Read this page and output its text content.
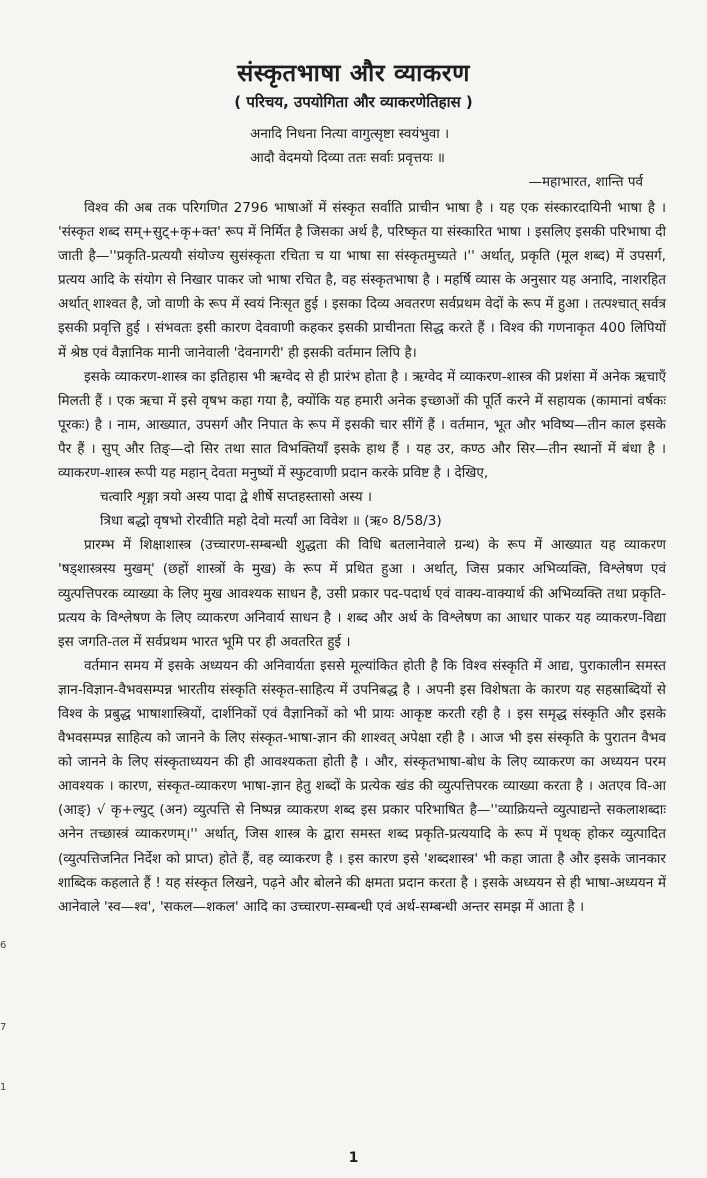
संस्कृतभाषा और व्याकरण
( परिचय, उपयोगिता और व्याकरणेतिहास )
अनादि निधना नित्या वागुत्सृष्टा स्वयंभुवा ।
आदौ वेदमयो दिव्या ततः सर्वाः प्रवृत्तयः ॥
—महाभारत, शान्ति पर्व

विश्व की अब तक परिगणित 2796 भाषाओं में संस्कृत सर्वाति प्राचीन भाषा है । यह एक संस्कारदायिनी भाषा है । 'संस्कृत शब्द सम्‌+सुट्‌+कृ+क्त' रूप में निर्मित है जिसका अर्थ है, परिष्कृत या संस्कारित भाषा । इसलिए इसकी परिभाषा दी जाती है—''प्रकृति-प्रत्ययौ संयोज्य सुसंस्कृता रचिता च या भाषा सा संस्कृतमुच्यते ।'' अर्थात्, प्रकृति (मूल शब्द) में उपसर्ग, प्रत्यय आदि के संयोग से निखार पाकर जो भाषा रचित है, वह संस्कृतभाषा है । महर्षि व्यास के अनुसार यह अनादि, नाशरहित अर्थात् शाश्वत है, जो वाणी के रूप में स्वयं निःसृत हुई । इसका दिव्य अवतरण सर्वप्रथम वेदों के रूप में हुआ । तत्पश्चात् सर्वत्र इसकी प्रवृत्ति हुई । संभवतः इसी कारण देववाणी कहकर इसकी प्राचीनता सिद्ध करते हैं । विश्व की गणनाकृत 400 लिपियों में श्रेष्ठ एवं वैज्ञानिक मानी जानेवाली 'देवनागरी' ही इसकी वर्तमान लिपि है।

इसके व्याकरण-शास्त्र का इतिहास भी ऋग्वेद से ही प्रारंभ होता है । ऋग्वेद में व्याकरण-शास्त्र की प्रशंसा में अनेक ऋचाएँ मिलती हैं । एक ऋचा में इसे वृषभ कहा गया है, क्योंकि यह हमारी अनेक इच्छाओं की पूर्ति करने में सहायक (कामानां वर्षकः पूरकः) है । नाम, आख्यात, उपसर्ग और निपात के रूप में इसकी चार सींगें हैं । वर्तमान, भूत और भविष्य—तीन काल इसके पैर हैं । सुप्‌ और तिङ्‌—दो सिर तथा सात विभक्तियाँ इसके हाथ हैं । यह उर, कण्ठ और सिर—तीन स्थानों में बंधा है । व्याकरण-शास्त्र रूपी यह महान्‌ देवता मनुष्यों में स्फुटवाणी प्रदान करके प्रविष्ट है । देखिए,

चत्वारि शृङ्गा त्रयो अस्य पादा द्वे शीर्षे सप्तहस्तासो अस्य ।

त्रिधा बद्धो वृषभो रोरवीति महो देवो मर्त्यां आ विवेश ॥ (ऋ० 8/58/3)

प्रारम्भ में शिक्षाशास्त्र (उच्चारण-सम्बन्धी शुद्धता की विधि बतलानेवाले ग्रन्थ) के रूप में आख्यात यह व्याकरण 'षड्‌शास्त्रस्य मुखम्‌' (छहों शास्त्रों के मुख) के रूप में प्रथित हुआ । अर्थात्, जिस प्रकार अभिव्यक्ति, विश्लेषण एवं व्युत्पत्तिपरक व्याख्या के लिए मुख आवश्यक साधन है, उसी प्रकार पद-पदार्थ एवं वाक्य-वाक्यार्थ की अभिव्यक्ति तथा प्रकृति-प्रत्यय के विश्लेषण के लिए व्याकरण अनिवार्य साधन है । शब्द और अर्थ के विश्लेषण का आधार पाकर यह व्याकरण-विद्या इस जगति-तल में सर्वप्रथम भारत भूमि पर ही अवतरित हुई ।

वर्तमान समय में इसके अध्ययन की अनिवार्यता इससे मूल्यांकित होती है कि विश्व संस्कृति में आद्य, पुराकालीन समस्त ज्ञान-विज्ञान-वैभवसम्पन्न भारतीय संस्कृति संस्कृत-साहित्य में उपनिबद्ध है । अपनी इस विशेषता के कारण यह सहस्राब्दियों से विश्व के प्रबुद्ध भाषाशास्त्रियों, दार्शनिकों एवं वैज्ञानिकों को भी प्रायः आकृष्ट करती रही है । इस समृद्ध संस्कृति और इसके वैभवसम्पन्न साहित्य को जानने के लिए संस्कृत-भाषा-ज्ञान की शाश्वत्‌ अपेक्षा रही है । आज भी इस संस्कृति के पुरातन वैभव को जानने के लिए संस्कृताध्ययन की ही आवश्यकता होती है । और, संस्कृतभाषा-बोध के लिए व्याकरण का अध्ययन परम आवश्यक । कारण, संस्कृत-व्याकरण भाषा-ज्ञान हेतु शब्दों के प्रत्येक खंड की व्युत्पत्तिपरक व्याख्या करता है । अतएव वि-आ (आङ्‌) √ कृ+ल्युट्‌ (अन) व्युत्पत्ति से निष्पन्न व्याकरण शब्द इस प्रकार परिभाषित है—''व्याक्रियन्ते व्युत्पाद्यन्ते सकलाशब्दाः अनेन तच्छास्त्रं व्याकरणम्‌।'' अर्थात्, जिस शास्त्र के द्वारा समस्त शब्द प्रकृति-प्रत्ययादि के रूप में पृथक्‌ होकर व्युत्पादित (व्युत्पत्तिजनित निर्देश को प्राप्त) होते हैं, वह व्याकरण है । इस कारण इसे 'शब्दशास्त्र' भी कहा जाता है और इसके जानकार शाब्दिक कहलाते हैं ! यह संस्कृत लिखने, पढ़ने और बोलने की क्षमता प्रदान करता है । इसके अध्ययन से ही भाषा-अध्ययन में आनेवाले 'स्व—श्व', 'सकल—शकल' आदि का उच्चारण-सम्बन्धी एवं अर्थ-सम्बन्धी अन्तर समझ में आता है ।

6
7
1
1
